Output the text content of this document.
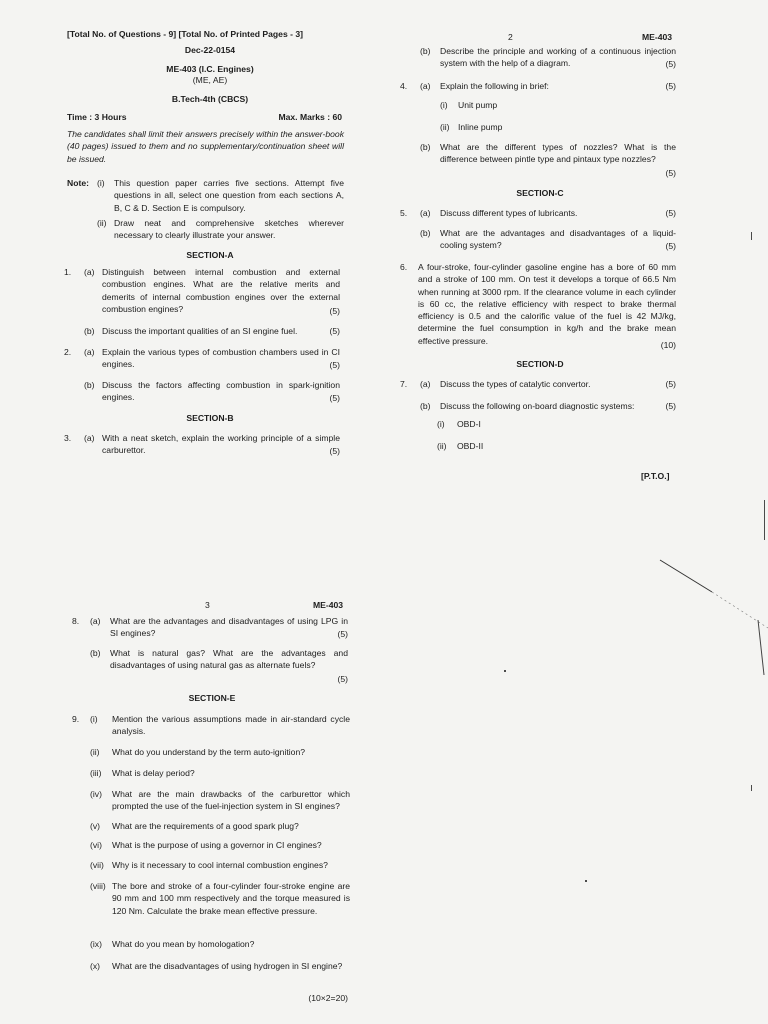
[Total No. of Questions - 9] [Total No. of Printed Pages - 3]
Dec-22-0154
ME-403 (I.C. Engines)
(ME, AE)
B.Tech-4th (CBCS)
Time : 3 Hours	Max. Marks : 60
The candidates shall limit their answers precisely within the answer-book (40 pages) issued to them and no supplementary/continuation sheet will be issued.
Note: (i) This question paper carries five sections. Attempt five questions in all, select one question from each sections A, B, C & D. Section E is compulsory.
(ii) Draw neat and comprehensive sketches wherever necessary to clearly illustrate your answer.
SECTION-A
1. (a) Distinguish between internal combustion and external combustion engines. What are the relative merits and demerits of internal combustion engines over the external combustion engines?	(5)
(b) Discuss the important qualities of an SI engine fuel.	(5)
2. (a) Explain the various types of combustion chambers used in CI engines.	(5)
(b) Discuss the factors affecting combustion in spark-ignition engines.	(5)
SECTION-B
3. (a) With a neat sketch, explain the working principle of a simple carburettor.	(5)
2	ME-403
(b) Describe the principle and working of a continuous injection system with the help of a diagram.	(5)
4. (a) Explain the following in brief:	(5)
(i) Unit pump
(ii) Inline pump
(b) What are the different types of nozzles? What is the difference between pintle type and pintaux type nozzles?
(5)
SECTION-C
5. (a) Discuss different types of lubricants.	(5)
(b) What are the advantages and disadvantages of a liquid-cooling system?	(5)
6. A four-stroke, four-cylinder gasoline engine has a bore of 60 mm and a stroke of 100 mm. On test it develops a torque of 66.5 Nm when running at 3000 rpm. If the clearance volume in each cylinder is 60 cc, the relative efficiency with respect to brake thermal efficiency is 0.5 and the calorific value of the fuel is 42 MJ/kg, determine the fuel consumption in kg/h and the brake mean effective pressure.	(10)
SECTION-D
7. (a) Discuss the types of catalytic convertor.	(5)
(b) Discuss the following on-board diagnostic systems:	(5)
(i) OBD-I
(ii) OBD-II
[P.T.O.]
3	ME-403
8. (a) What are the advantages and disadvantages of using LPG in SI engines?	(5)
(b) What is natural gas? What are the advantages and disadvantages of using natural gas as alternate fuels?
(5)
SECTION-E
9. (i) Mention the various assumptions made in air-standard cycle analysis.
(ii) What do you understand by the term auto-ignition?
(iii) What is delay period?
(iv) What are the main drawbacks of the carburettor which prompted the use of the fuel-injection system in SI engines?
(v) What are the requirements of a good spark plug?
(vi) What is the purpose of using a governor in CI engines?
(vii) Why is it necessary to cool internal combustion engines?
(viii) The bore and stroke of a four-cylinder four-stroke engine are 90 mm and 100 mm respectively and the torque measured is 120 Nm. Calculate the brake mean effective pressure.
(ix) What do you mean by homologation?
(x) What are the disadvantages of using hydrogen in SI engine?
(10×2=20)
